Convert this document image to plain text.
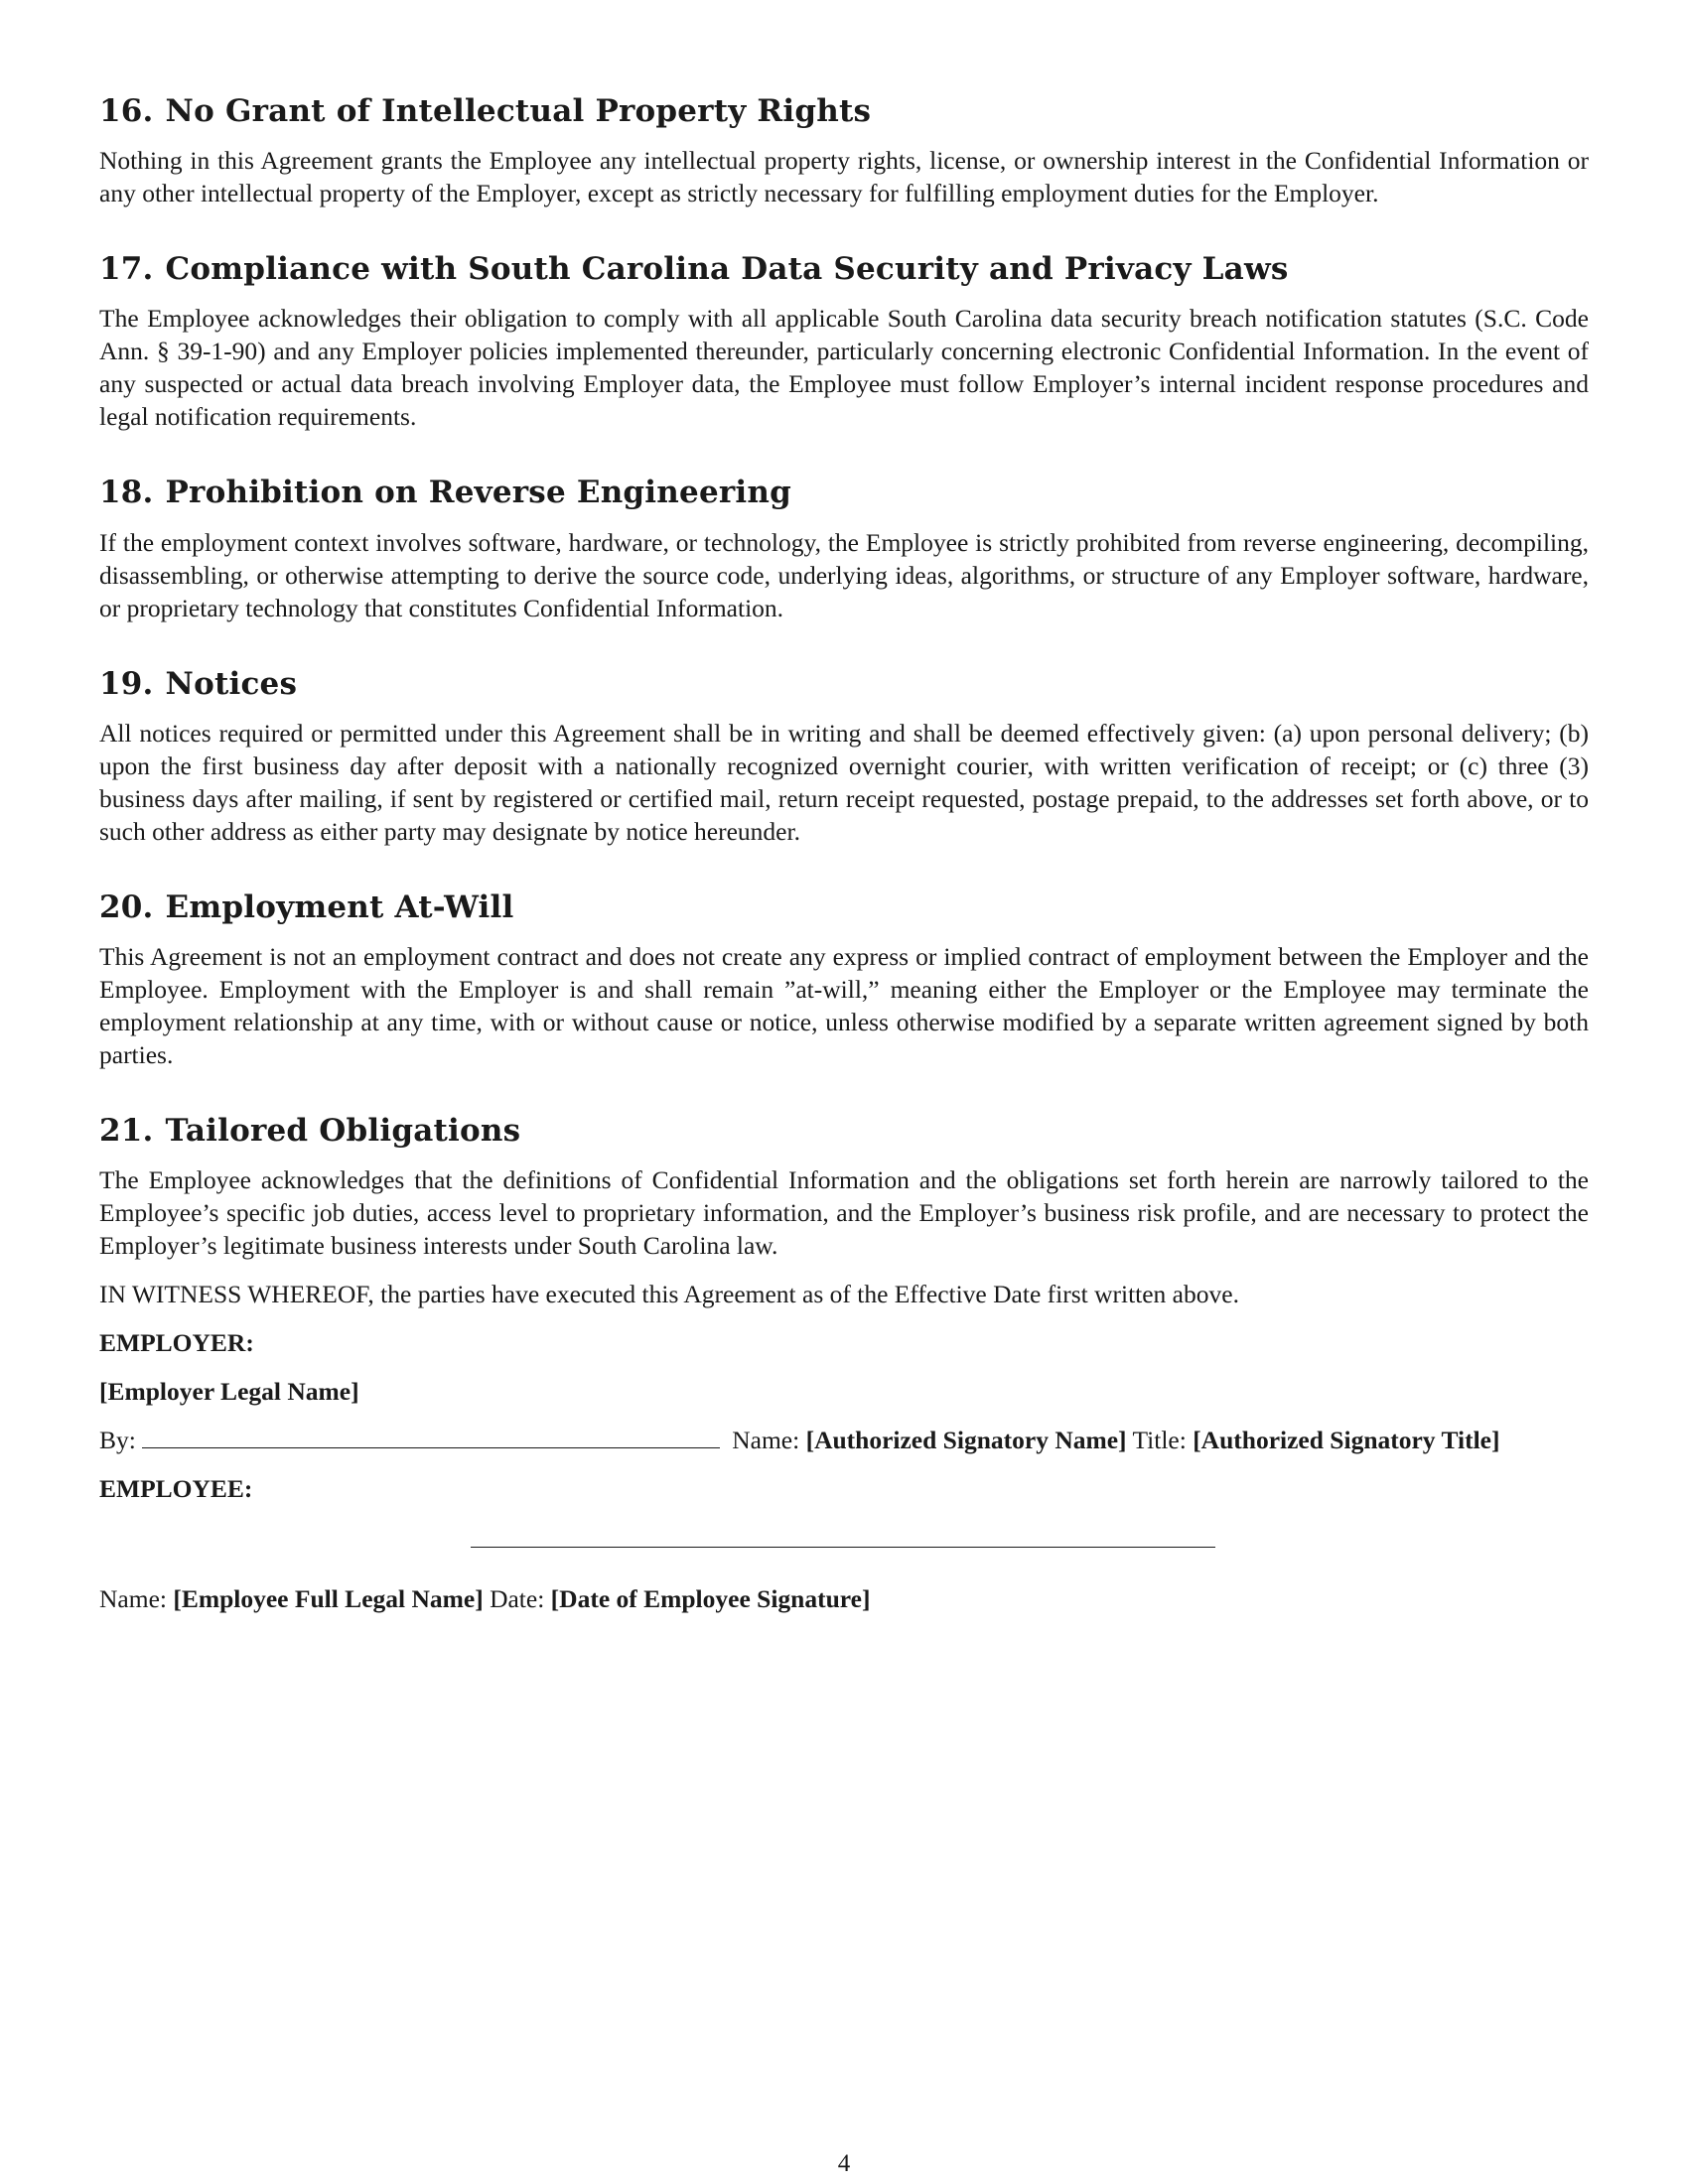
16. No Grant of Intellectual Property Rights

Nothing in this Agreement grants the Employee any intellectual property rights, license, or ownership interest in the Confidential Information or any other intellectual property of the Employer, except as strictly necessary for fulfilling employment duties for the Employer.

17. Compliance with South Carolina Data Security and Privacy Laws

The Employee acknowledges their obligation to comply with all applicable South Carolina data security breach notification statutes (S.C. Code Ann. § 39-1-90) and any Employer policies implemented thereunder, particularly concerning electronic Confidential Information. In the event of any suspected or actual data breach involving Employer data, the Employee must follow Employer’s internal incident response procedures and legal notification requirements.

18. Prohibition on Reverse Engineering

If the employment context involves software, hardware, or technology, the Employee is strictly prohibited from reverse engineering, decompiling, disassembling, or otherwise attempting to derive the source code, underlying ideas, algorithms, or structure of any Employer software, hardware, or proprietary technology that constitutes Confidential Information.

19. Notices

All notices required or permitted under this Agreement shall be in writing and shall be deemed effectively given: (a) upon personal delivery; (b) upon the first business day after deposit with a nationally recognized overnight courier, with written verification of receipt; or (c) three (3) business days after mailing, if sent by registered or certified mail, return receipt requested, postage prepaid, to the addresses set forth above, or to such other address as either party may designate by notice hereunder.

20. Employment At-Will

This Agreement is not an employment contract and does not create any express or implied contract of employment between the Employer and the Employee. Employment with the Employer is and shall remain ”at-will,” meaning either the Employer or the Employee may terminate the employment relationship at any time, with or without cause or notice, unless otherwise modified by a separate written agreement signed by both parties.

21. Tailored Obligations

The Employee acknowledges that the definitions of Confidential Information and the obligations set forth herein are narrowly tailored to the Employee’s specific job duties, access level to proprietary information, and the Employer’s business risk profile, and are necessary to protect the Employer’s legitimate business interests under South Carolina law.

IN WITNESS WHEREOF, the parties have executed this Agreement as of the Effective Date first written above.

EMPLOYER:

[Employer Legal Name]

By:	Name: [Authorized Signatory Name] Title: [Authorized Signatory Title]

EMPLOYEE:

Name: [Employee Full Legal Name] Date: [Date of Employee Signature]

4
